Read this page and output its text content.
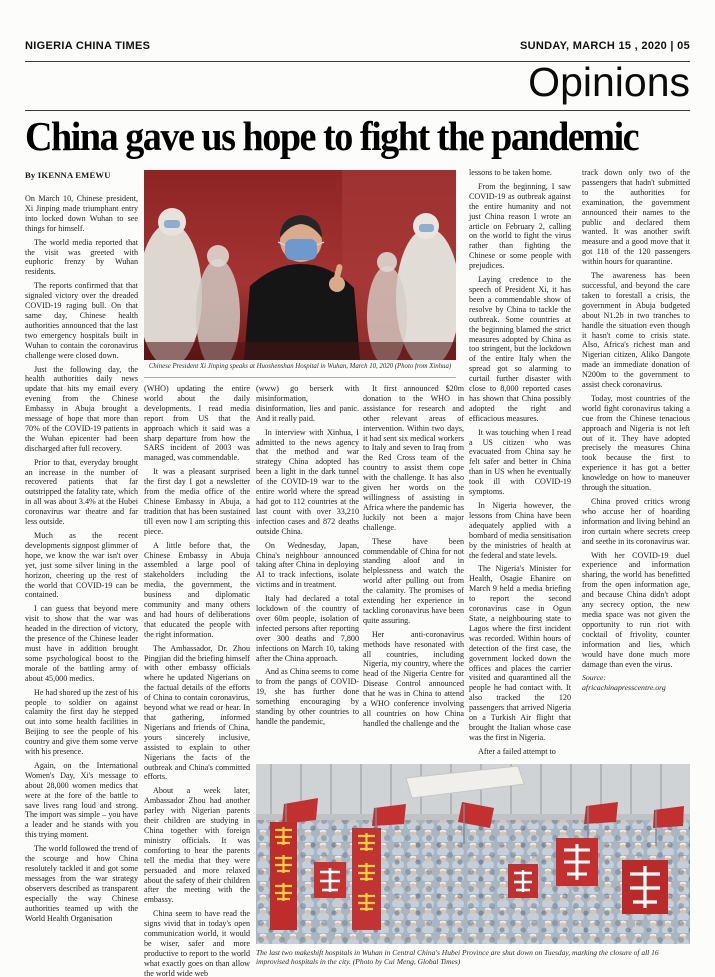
NIGERIA CHINA TIMES	SUNDAY, MARCH 15 , 2020 | 05
Opinions
China gave us hope to fight the pandemic
By IKENNA EMEWU
Chinese President Xi Jinping speaks at Huoshenshan Hospital in Wuhan, March 10, 2020 (Photo from Xinhua)

On March 10, Chinese president, Xi Jinping made triumphant entry into locked down Wuhan to see things for himself.

The world media reported that the visit was greeted with euphoric frenzy by Wuhan residents.

The reports confirmed that that signaled victory over the dreaded COVID-19 raging bull. On that same day, Chinese health authorities announced that the last two emergency hospitals built in Wuhan to contain the coronavirus challenge were closed down.

Just the following day, the health authorities daily news update that hits my email every evening from the Chinese Embassy in Abuja brought a message of hope that more than 70% of the COVID-19 patients in the Wuhan epicenter had been discharged after full recovery.

Prior to that, everyday brought an increase in the number of recovered patients that far outstripped the fatality rate, which in all was about 3.4% at the Hubei coronavirus war theatre and far less outside.

Much as the recent developments signpost glimmer of hope, we know the war isn't over yet, just some silver lining in the horizon, cheering up the rest of the world that COVID-19 can be contained.

I can guess that beyond mere visit to show that the war was headed in the direction of victory, the presence of the Chinese leader must have in addition brought some psychological boost to the morale of the battling army of about 45,000 medics.

He had shored up the zest of his people to soldier on against calamity the first day he stepped out into some health facilities in Beijing to see the people of his country and give them some verve with his presence.

Again, on the International Women's Day, Xi's message to about 28,000 women medics that were at the fore of the battle to save lives rang loud and strong. The import was simple – you have a leader and he stands with you this trying moment.

The world followed the trend of the scourge and how China resolutely tackled it and got some messages from the war strategy observers described as transparent especially the way Chinese authorities teamed up with the World Health Organisation

(WHO) updating the entire world about the daily developments. I read media report from US that the approach which it said was a sharp departure from how the SARS incident of 2003 was managed, was commendable.

It was a pleasant surprised the first day I got a newsletter from the media office of the Chinese Embassy in Abuja, a tradition that has been sustained till even now I am scripting this piece.

A little before that, the Chinese Embassy in Abuja assembled a large pool of stakeholders including the media, the government, the business and diplomatic community and many others and had hours of deliberations that educated the people with the right information.

The Ambassador, Dr. Zhou Pingjian did the briefing himself with other embassy officials where he updated Nigerians on the factual details of the efforts of China to contain coronavirus, beyond what we read or hear. In that gathering, informed Nigerians and friends of China, yours sincerely inclusive, assisted to explain to other Nigerians the facts of the outbreak and China's committed efforts.

About a week later, Ambassador Zhou had another parley with Nigerian parents their children are studying in China together with foreign ministry officials. It was comforting to hear the parents tell the media that they were persuaded and more relaxed about the safety of their children after the meeting with the embassy.

China seem to have read the signs vivid that in today's open communication world, it would be wiser, safer and more productive to report to the world what exactly goes on than allow the world wide web

(www) go berserk with misinformation, disinformation, lies and panic. And it really paid.

In interview with Xinhua, I admitted to the news agency that the method and war strategy China adopted has been a light in the dark tunnel of the COVID-19 war to the entire world where the spread had got to 112 countries at the last count with over 33,210 infection cases and 872 deaths outside China.

On Wednesday, Japan, China's neighbour announced taking after China in deploying AI to track infections, isolate victims and in treatment.

Italy had declared a total lockdown of the country of over 60m people, isolation of infected persons after reporting over 300 deaths and 7,800 infections on March 10, taking after the China approach.

And as China seems to come to from the pangs of COVID-19, she has further done something encouraging by standing by other countries to handle the pandemic,

It first announced $20m donation to the WHO in assistance for research and other relevant areas of intervention. Within two days, it had sent six medical workers to Italy and seven to Iraq from the Red Cross team of the country to assist them cope with the challenge. It has also given her words on the willingness of assisting in Africa where the pandemic has luckily not been a major challenge.

These have been commendable of China for not standing aloof and in helplessness and watch the world after pulling out from the calamity. The promises of extending her experience in tackling coronavirus have been quite assuring.

Her anti-coronavirus methods have resonated with all countries, including Nigeria, my country, where the head of the Nigeria Centre for Disease Control announced that he was in China to attend a WHO conference involving all countries on how China handled the challenge and the

lessons to be taken home.

From the beginning, I saw COVID-19 as outbreak against the entire humanity and not just China reason I wrote an article on February 2, calling on the world to fight the virus rather than fighting the Chinese or some people with prejudices.

Laying credence to the speech of President Xi, it has been a commendable show of resolve by China to tackle the outbreak. Some countries at the beginning blamed the strict measures adopted by China as too stringent, but the lockdown of the entire Italy when the spread got so alarming to curtail further disaster with close to 8,000 reported cases has shown that China possibly adopted the right and efficacious measures.

It was touching when I read a US citizen who was evacuated from China say he felt safer and better in China than in US when he eventually took ill with COVID-19 symptoms.

In Nigeria however, the lessons from China have been adequately applied with a bombard of media sensitisation by the ministries of health at the federal and state levels.

The Nigeria's Minister for Health, Osagie Ehanire on March 9 held a media briefing to report the second coronavirus case in Ogun State, a neighbouring state to Lagos where the first incident was recorded. Within hours of detection of the first case, the government locked down the offices and places the carrier visited and quarantined all the people he had contact with. It also tracked the 120 passengers that arrived Nigeria on a Turkish Air flight that brought the Italian whose case was the first in Nigeria.

After a failed attempt to

track down only two of the passengers that hadn't submitted to the authorities for examination, the government announced their names to the public and declared them wanted. It was another swift measure and a good move that it got 118 of the 120 passengers within hours for quarantine.

The awareness has been successful, and beyond the care taken to forestall a crisis, the government in Abuja budgeted about N1.2b in two tranches to handle the situation even though it hasn't come to crisis state. Also, Africa's richest man and Nigerian citizen, Aliko Dangote made an immediate donation of N200m to the government to assist check coronavirus.

Today, most countries of the world fight coronavirus taking a cue from the Chinese tenacious approach and Nigeria is not left out of it. They have adopted precisely the measures China took because the first to experience it has got a better knowledge on how to maneuver through the situation.

China proved critics wrong who accuse her of hoarding information and living behind an iron curtain where secrets creep and seethe in its coronavirus war.

With her COVID-19 duel experience and information sharing, the world has benefitted from the open information age, and because China didn't adopt any secrecy option, the new media space was not given the opportunity to run riot with cocktail of frivolity, counter information and lies, which would have done much more damage than even the virus.

Source: africachinapresscentre.org
The last two makeshift hospitals in Wuhan in Central China's Hubei Province are shut down on Tuesday, marking the closure of all 16 improvised hospitals in the city. (Photo by Cui Meng, Global Times)
